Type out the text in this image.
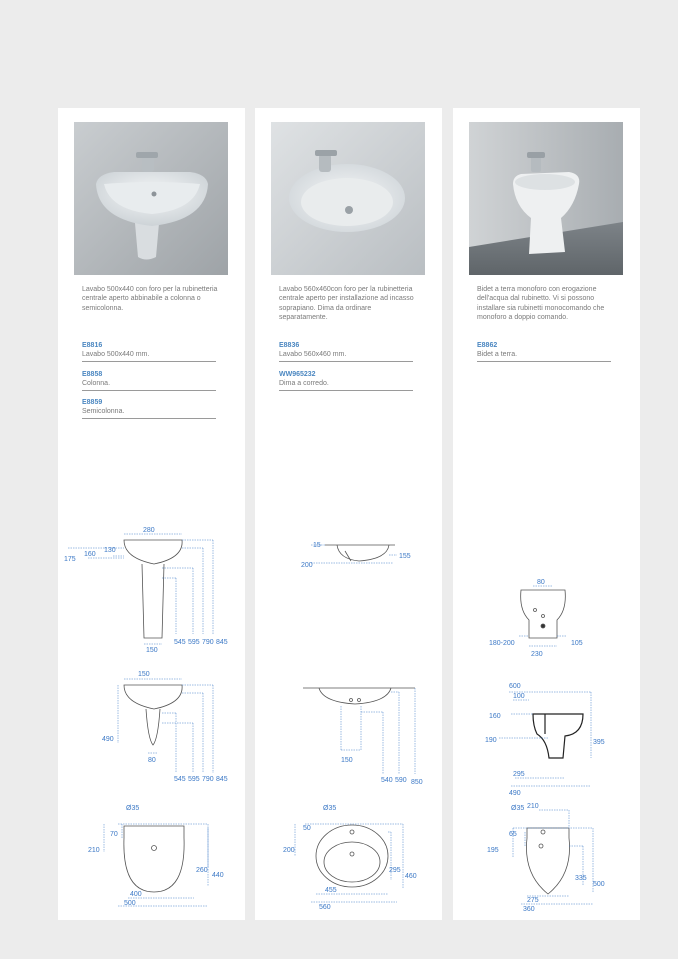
Lavabo 500x440 con foro per la rubinetteria centrale aperto abbinabile a colonna o semicolonna.

E8816
Lavabo 500x440 mm.
E8858
Colonna.
E8859
Semicolonna.
280
175
160
130
150
545 595 790 845
150
490
80
545 595 790 845
Ø35
70
210
260
440
400
500

Lavabo 560x460con foro per la rubinetteria centrale aperto per installazione ad incasso soprapiano. Dima da ordinare separatamente.

E8836
Lavabo 560x460 mm.
WW965232
Dima a corredo.
15
200
155
150
540 590 850
Ø35
50
200
295
460
455
560

Bidet a terra monoforo con erogazione dell'acqua dal rubinetto. Vi si possono installare sia rubinetti monocomando che monoforo a doppio comando.

E8862
Bidet a terra.
80
180-200	105
230
600
100
160
190	395
295
490
Ø35 210
65
195
335
500
275
360
